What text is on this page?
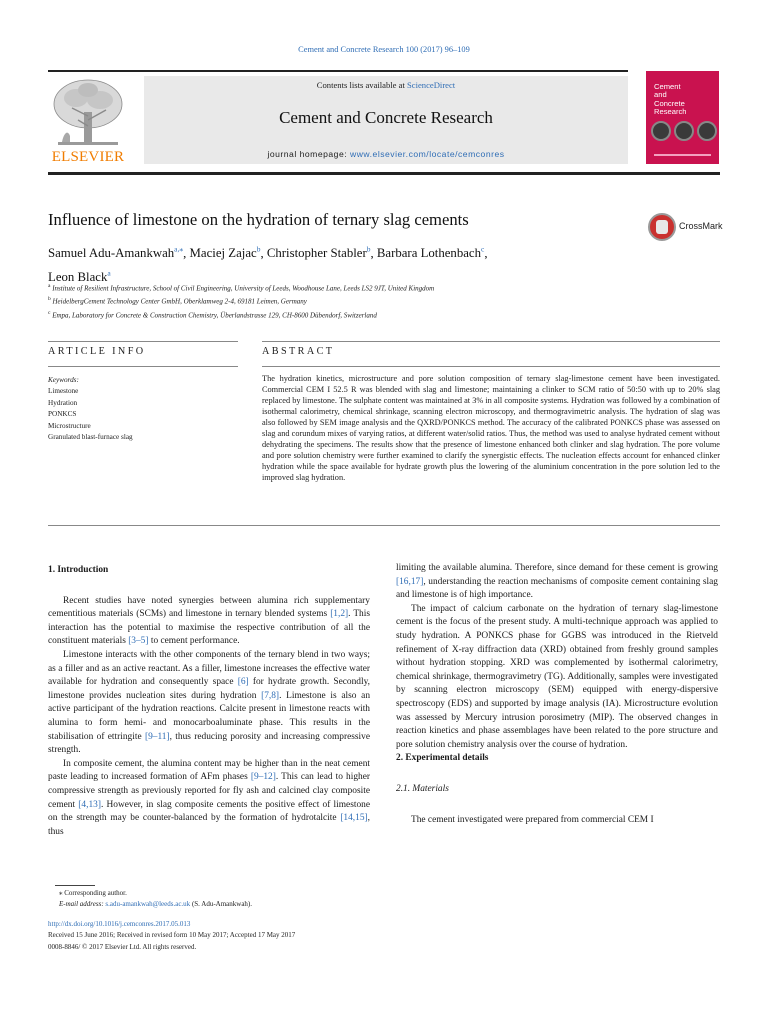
Cement and Concrete Research 100 (2017) 96–109
ELSEVIER
Contents lists available at ScienceDirect
Cement and Concrete Research
journal homepage: www.elsevier.com/locate/cemconres
Cement
and
Concrete
Research
Influence of limestone on the hydration of ternary slag cements	CrossMark
Samuel Adu-Amankwah$^{a,⁎}$, Maciej Zajac$^b$, Christopher Stabler$^b$, Barbara Lothenbach$^c$,
Leon Black$^a$
$^a$ Institute of Resilient Infrastructure, School of Civil Engineering, University of Leeds, Woodhouse Lane, Leeds LS2 9JT, United Kingdom
$^b$ HeidelbergCement Technology Center GmbH, Oberklamweg 2-4, 69181 Leimen, Germany
$^c$ Empa, Laboratory for Concrete & Construction Chemistry, Überlandstrasse 129, CH-8600 Dübendorf, Switzerland
ARTICLE INFO	ABSTRACT
Keywords:
Limestone
Hydration
PONKCS
Microstructure
Granulated blast-furnace slag
The hydration kinetics, microstructure and pore solution composition of ternary slag-limestone cement have been investigated. Commercial CEM I 52.5 R was blended with slag and limestone; maintaining a clinker to SCM ratio of 50:50 with up to 20% slag replaced by limestone. The sulphate content was maintained at 3% in all composite systems. Hydration was followed by a combination of isothermal calorimetry, chemical shrinkage, scanning electron microscopy, and thermogravimetric analysis. The hydration of slag was also followed by SEM image analysis and the QXRD/PONKCS method. The accuracy of the calibrated PONKCS phase was assessed on slag and corundum mixes of varying ratios, at different water/solid ratios. Thus, the method was used to analyse hydrated cement without dehydrating the specimens. The results show that the presence of limestone enhanced both clinker and slag hydration. The pore volume and pore solution chemistry were further examined to clarify the synergistic effects. The nucleation effects account for enhanced clinker hydration while the space available for hydrate growth plus the lowering of the aluminium concentration in the pore solution led to the improved slag hydration.
1. Introduction

Recent studies have noted synergies between alumina rich supplementary cementitious materials (SCMs) and limestone in ternary blended systems [1,2]. This interaction has the potential to maximise the respective contribution of all the constituent materials [3–5] to cement performance.

Limestone interacts with the other components of the ternary blend in two ways; as a filler and as an active reactant. As a filler, limestone increases the effective water available for hydration and consequently space [6] for hydrate growth. Secondly, limestone provides nucleation sites during hydration [7,8]. Limestone is also an active participant of the hydration reactions. Calcite present in limestone reacts with alumina to form hemi- and monocarboaluminate phase. This results in the stabilisation of ettringite [9–11], thus reducing porosity and increasing compressive strength.

In composite cement, the alumina content may be higher than in the neat cement paste leading to increased formation of AFm phases [9–12]. This can lead to higher compressive strength as previously reported for fly ash and calcined clay composite cement [4,13]. However, in slag composite cements the positive effect of limestone on the strength may be counter-balanced by the formation of hydrotalcite [14,15], thus

limiting the available alumina. Therefore, since demand for these cement is growing [16,17], understanding the reaction mechanisms of composite cement containing slag and limestone is of high importance.

The impact of calcium carbonate on the hydration of ternary slag-limestone cement is the focus of the present study. A multi-technique approach was applied to study hydration. A PONKCS phase for GGBS was introduced in the Rietveld refinement of X-ray diffraction data (XRD) obtained from freshly ground samples without hydration stopping. XRD was complemented by isothermal calorimetry, chemical shrinkage, thermogravimetry (TG). Additionally, samples were investigated by scanning electron microscopy (SEM) equipped with energy-dispersive spectroscopy (EDS) and supported by image analysis (IA). Microstructure evolution was assessed by Mercury intrusion porosimetry (MIP). The observed changes in reaction kinetics and phase assemblages have been related to the pore structure and pore solution chemistry analysis over the course of hydration.

2. Experimental details
2.1. Materials

The cement investigated were prepared from commercial CEM I

⁎ Corresponding author.
E-mail address: s.adu-amankwah@leeds.ac.uk (S. Adu-Amankwah).
http://dx.doi.org/10.1016/j.cemconres.2017.05.013
Received 15 June 2016; Received in revised form 10 May 2017; Accepted 17 May 2017
0008-8846/ © 2017 Elsevier Ltd. All rights reserved.
